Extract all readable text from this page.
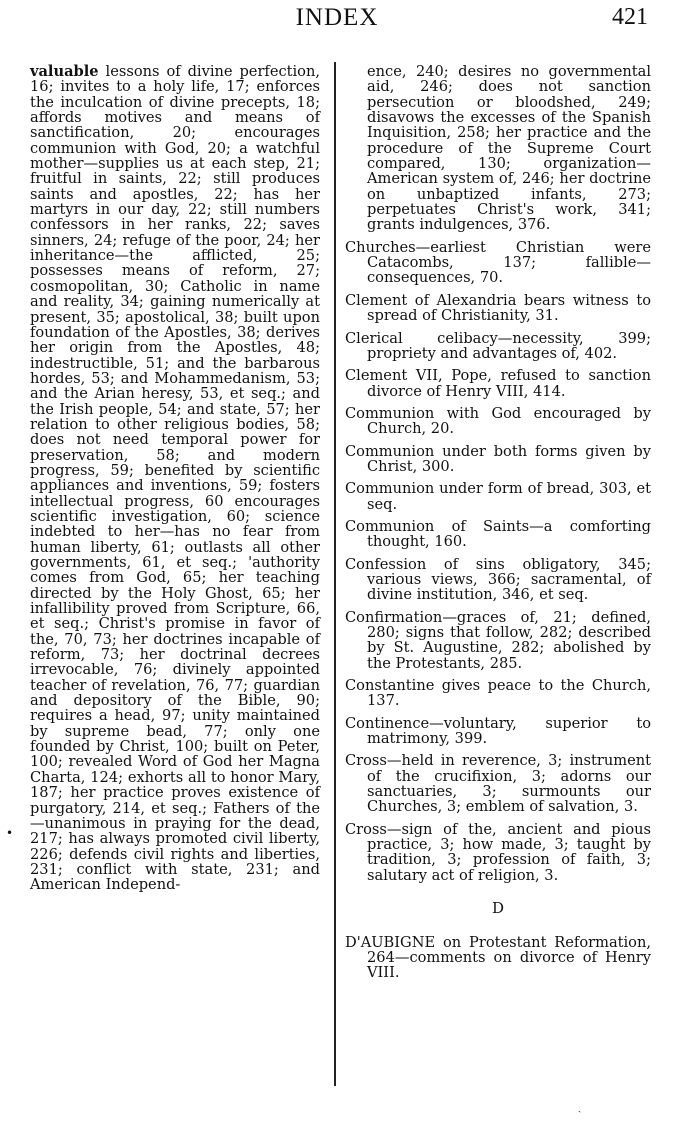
INDEX	421

valuable lessons of divine perfection, 16; invites to a holy life, 17; enforces the inculcation of divine precepts, 18; affords motives and means of sanctification, 20; encourages communion with God, 20; a watchful mother—supplies us at each step, 21; fruitful in saints, 22; still produces saints and apostles, 22; has her martyrs in our day, 22; still numbers confessors in her ranks, 22; saves sinners, 24; refuge of the poor, 24; her inheritance—the afflicted, 25; possesses means of reform, 27; cosmopolitan, 30; Catholic in name and reality, 34; gaining numerically at present, 35; apostolical, 38; built upon foundation of the Apostles, 38; derives her origin from the Apostles, 48; indestructible, 51; and the barbarous hordes, 53; and Mohammedanism, 53; and the Arian heresy, 53, et seq.; and the Irish people, 54; and state, 57; her relation to other religious bodies, 58; does not need temporal power for preservation, 58; and modern progress, 59; benefited by scientific appliances and inventions, 59; fosters intellectual progress, 60 encourages scientific investigation, 60; science indebted to her—has no fear from human liberty, 61; outlasts all other governments, 61, et seq.; 'authority comes from God, 65; her teaching directed by the Holy Ghost, 65; her infallibility proved from Scripture, 66, et seq.; Christ's promise in favor of the, 70, 73; her doctrines incapable of reform, 73; her doctrinal decrees irrevocable, 76; divinely appointed teacher of revelation, 76, 77; guardian and depository of the Bible, 90; requires a head, 97; unity maintained by supreme bead, 77; only one founded by Christ, 100; built on Peter, 100; revealed Word of God her Magna Charta, 124; exhorts all to honor Mary, 187; her practice proves existence of purgatory, 214, et seq.; Fathers of the—unanimous in praying for the dead, 217; has always promoted civil liberty, 226; defends civil rights and liberties, 231; conflict with state, 231; and American Independ-

ence, 240; desires no governmental aid, 246; does not sanction persecution or bloodshed, 249; disavows the excesses of the Spanish Inquisition, 258; her practice and the procedure of the Supreme Court compared, 130; organization—American system of, 246; her doctrine on unbaptized infants, 273; perpetuates Christ's work, 341; grants indulgences, 376.

Churches—earliest Christian were Catacombs, 137; fallible—consequences, 70.

Clement of Alexandria bears witness to spread of Christianity, 31.

Clerical celibacy—necessity, 399; propriety and advantages of, 402.

Clement VII, Pope, refused to sanction divorce of Henry VIII, 414.

Communion with God encouraged by Church, 20.

Communion under both forms given by Christ, 300.

Communion under form of bread, 303, et seq.

Communion of Saints—a comforting thought, 160.

Confession of sins obligatory, 345; various views, 366; sacramental, of divine institution, 346, et seq.

Confirmation—graces of, 21; defined, 280; signs that follow, 282; described by St. Augustine, 282; abolished by the Protestants, 285.

Constantine gives peace to the Church, 137.

Continence—voluntary, superior to matrimony, 399.

Cross—held in reverence, 3; instrument of the crucifixion, 3; adorns our sanctuaries, 3; surmounts our Churches, 3; emblem of salvation, 3.

Cross—sign of the, ancient and pious practice, 3; how made, 3; taught by tradition, 3; profession of faith, 3; salutary act of religion, 3.

D

D'AUBIGNE on Protestant Reformation, 264—comments on divorce of Henry VIII.

•
ˎ
